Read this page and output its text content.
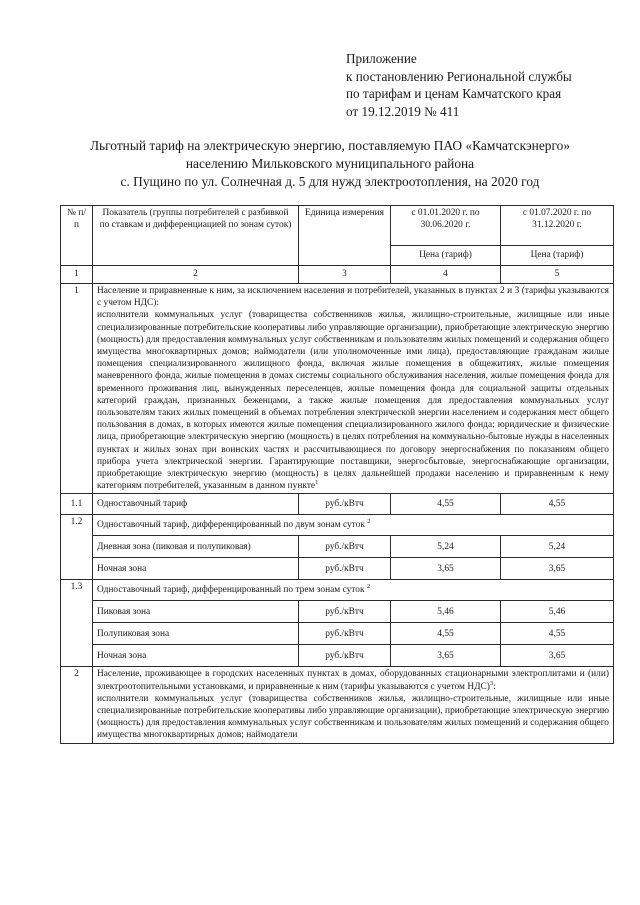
Приложение
к постановлению Региональной службы
по тарифам и ценам Камчатского края
от 19.12.2019 № 411
Льготный тариф на электрическую энергию, поставляемую ПАО «Камчатскэнерго»
населению Мильковского муниципального района
с. Пущино по ул. Солнечная д. 5 для нужд электроотопления, на 2020 год
№ п/п	Показатель (группы потребителей с разбивкой по ставкам и дифференциацией по зонам суток)	Единица измерения	с 01.01.2020 г. по 30.06.2020 г.	с 01.07.2020 г. по 31.12.2020 г.
			Цена (тариф)	Цена (тариф)
1	2	3	4	5
1	Население и приравненные к ним, за исключением населения и потребителей, указанных в пунктах 2 и 3 (тарифы указываются с учетом НДС):
исполнители коммунальных услуг (товарищества собственников жилья, жилищно-строительные, жилищные или иные специализированные потребительские кооперативы либо управляющие организации), приобретающие электрическую энергию (мощность) для предоставления коммунальных услуг собственникам и пользователям жилых помещений и содержания общего имущества многоквартирных домов; наймодатели (или уполномоченные ими лица), предоставляющие гражданам жилые помещения специализированного жилищного фонда, включая жилые помещения в общежитиях, жилые помещения маневренного фонда, жилые помещения в домах системы социального обслуживания населения, жилые помещения фонда для временного проживания лиц, вынужденных переселенцев, жилые помещения фонда для социальной защиты отдельных категорий граждан, признанных беженцами, а также жилые помещения для предоставления коммунальных услуг пользователям таких жилых помещений в объемах потребления электрической энергии населением и содержания мест общего пользования в домах, в которых имеются жилые помещения специализированного жилого фонда; юридические и физические лица, приобретающие электрическую энергию (мощность) в целях потребления на коммунально-бытовые нужды в населенных пунктах и жилых зонах при воинских частях и рассчитывающиеся по договору энергоснабжения по показаниям общего прибора учета электрической энергии. Гарантирующие поставщики, энергосбытовые, энергоснабжающие организации, приобретающие электрическую энергию (мощность) в целях дальнейшей продажи населению и приравненным к нему категориям потребителей, указанным в данном пункте$^1$
1.1	Одноставочный тариф	руб./кВтч	4,55	4,55
1.2	Одноставочный тариф, дифференцированный по двум зонам суток $^2$
	Дневная зона (пиковая и полупиковая)	руб./кВтч	5,24	5,24
	Ночная зона	руб./кВтч	3,65	3,65
1.3	Одноставочный тариф, дифференцированный по трем зонам суток $^2$
	Пиковая зона	руб./кВтч	5,46	5,46
	Полупиковая зона	руб./кВтч	4,55	4,55
	Ночная зона	руб./кВтч	3,65	3,65
2	Население, проживающее в городских населенных пунктах в домах, оборудованных стационарными электроплитами и (или) электроотопительными установками, и приравненные к ним (тарифы указываются с учетом НДС)$^3$:
исполнители коммунальных услуг (товарищества собственников жилья, жилищно-строительные, жилищные или иные специализированные потребительские кооперативы либо управляющие организации), приобретающие электрическую энергию (мощность) для предоставления коммунальных услуг собственникам и пользователям жилых помещений и содержания общего имущества многоквартирных домов; наймодатели			
